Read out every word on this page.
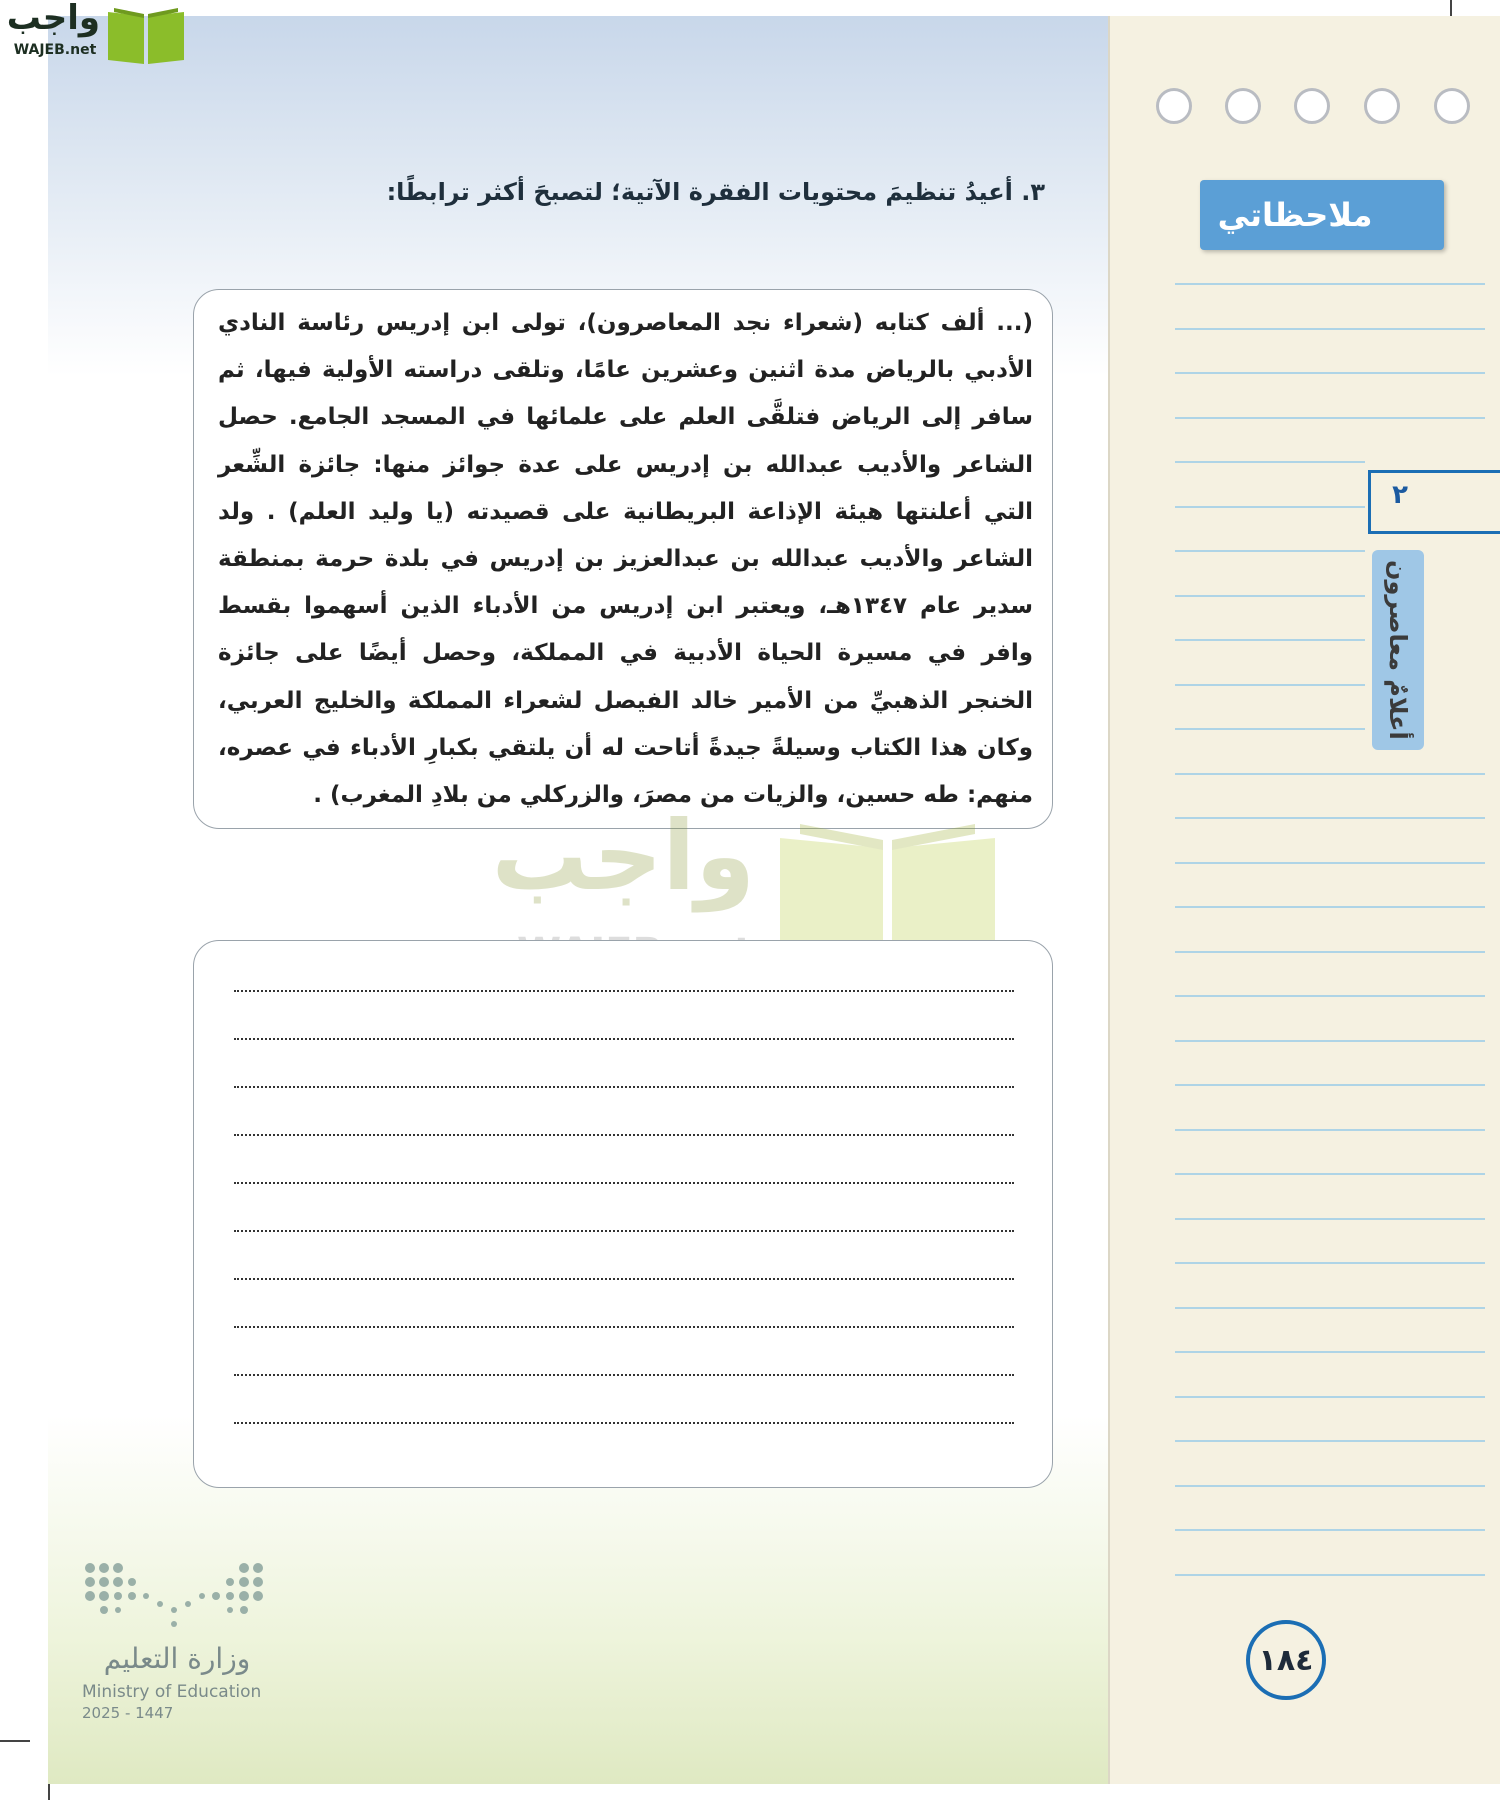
واجب
WAJEB.net
٣. أعيدُ تنظيمَ محتويات الفقرة الآتية؛ لتصبحَ أكثر ترابطًا:
(... ألف كتابه (شعراء نجد المعاصرون)، تولى ابن إدريس رئاسة النادي الأدبي بالرياض مدة اثنين وعشرين عامًا، وتلقى دراسته الأولية فيها، ثم سافر إلى الرياض فتلقَّى العلم على علمائها في المسجد الجامع. حصل الشاعر والأديب عبدالله بن إدريس على عدة جوائز منها: جائزة الشِّعر التي أعلنتها هيئة الإذاعة البريطانية على قصيدته (يا وليد العلم) . ولد الشاعر والأديب عبدالله بن عبدالعزيز بن إدريس في بلدة حرمة بمنطقة سدير عام ١٣٤٧هـ، ويعتبر ابن إدريس من الأدباء الذين أسهموا بقسط وافر في مسيرة الحياة الأدبية في المملكة، وحصل أيضًا على جائزة الخنجر الذهبيِّ من الأمير خالد الفيصل لشعراء المملكة والخليج العربي، وكان هذا الكتاب وسيلةً جيدةً أتاحت له أن يلتقي بكبارِ الأدباء في عصره، منهم: طه حسين، والزيات من مصرَ، والزركلي من بلادِ المغرب) .
واجب
ملاحظاتي
٢
أعلامٌ معاصرون
١٨٤
وزارة التعليم
Ministry of Education
2025 - 1447
